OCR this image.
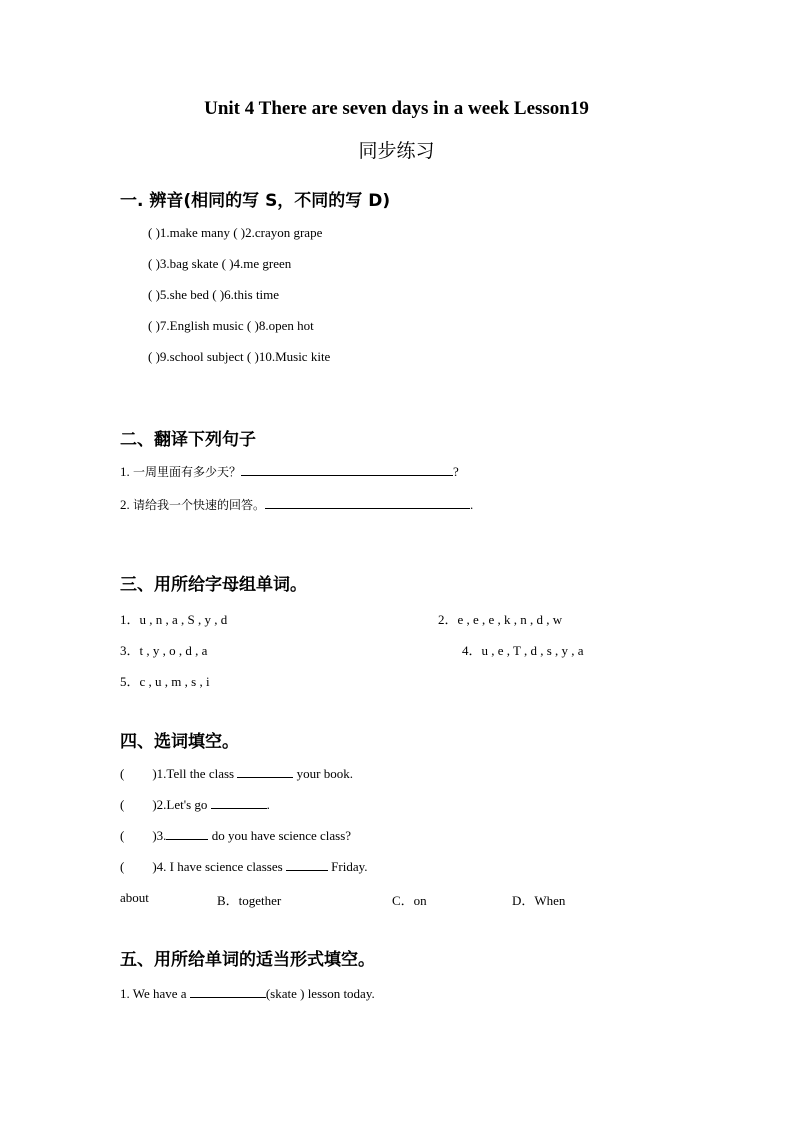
Unit 4 There are seven days in a week Lesson19
同步练习
一. 辨音(相同的写 S，不同的写 D)
( )1.make many ( )2.crayon grape
( )3.bag skate ( )4.me green
( )5.she bed ( )6.this time
( )7.English music ( )8.open hot
( )9.school subject ( )10.Music kite
二、翻译下列句子
1. 一周里面有多少天？	?
2. 请给我一个快速的回答。	.
三、用所给字母组单词。
1．u , n , a , S , y , d	2．e , e , e , k , n , d , w
3．t , y , o , d , a	4．u , e , T , d , s , y , a
5．c , u , m , s , i
四、选词填空。
( )1.Tell the class	your book.
( )2.Let's go	.
( )3.	do you have science class?
( )4. I have science classes	Friday.
about	B．together	C．on	D．When
五、用所给单词的适当形式填空。
1. We have a	(skate ) lesson today.
